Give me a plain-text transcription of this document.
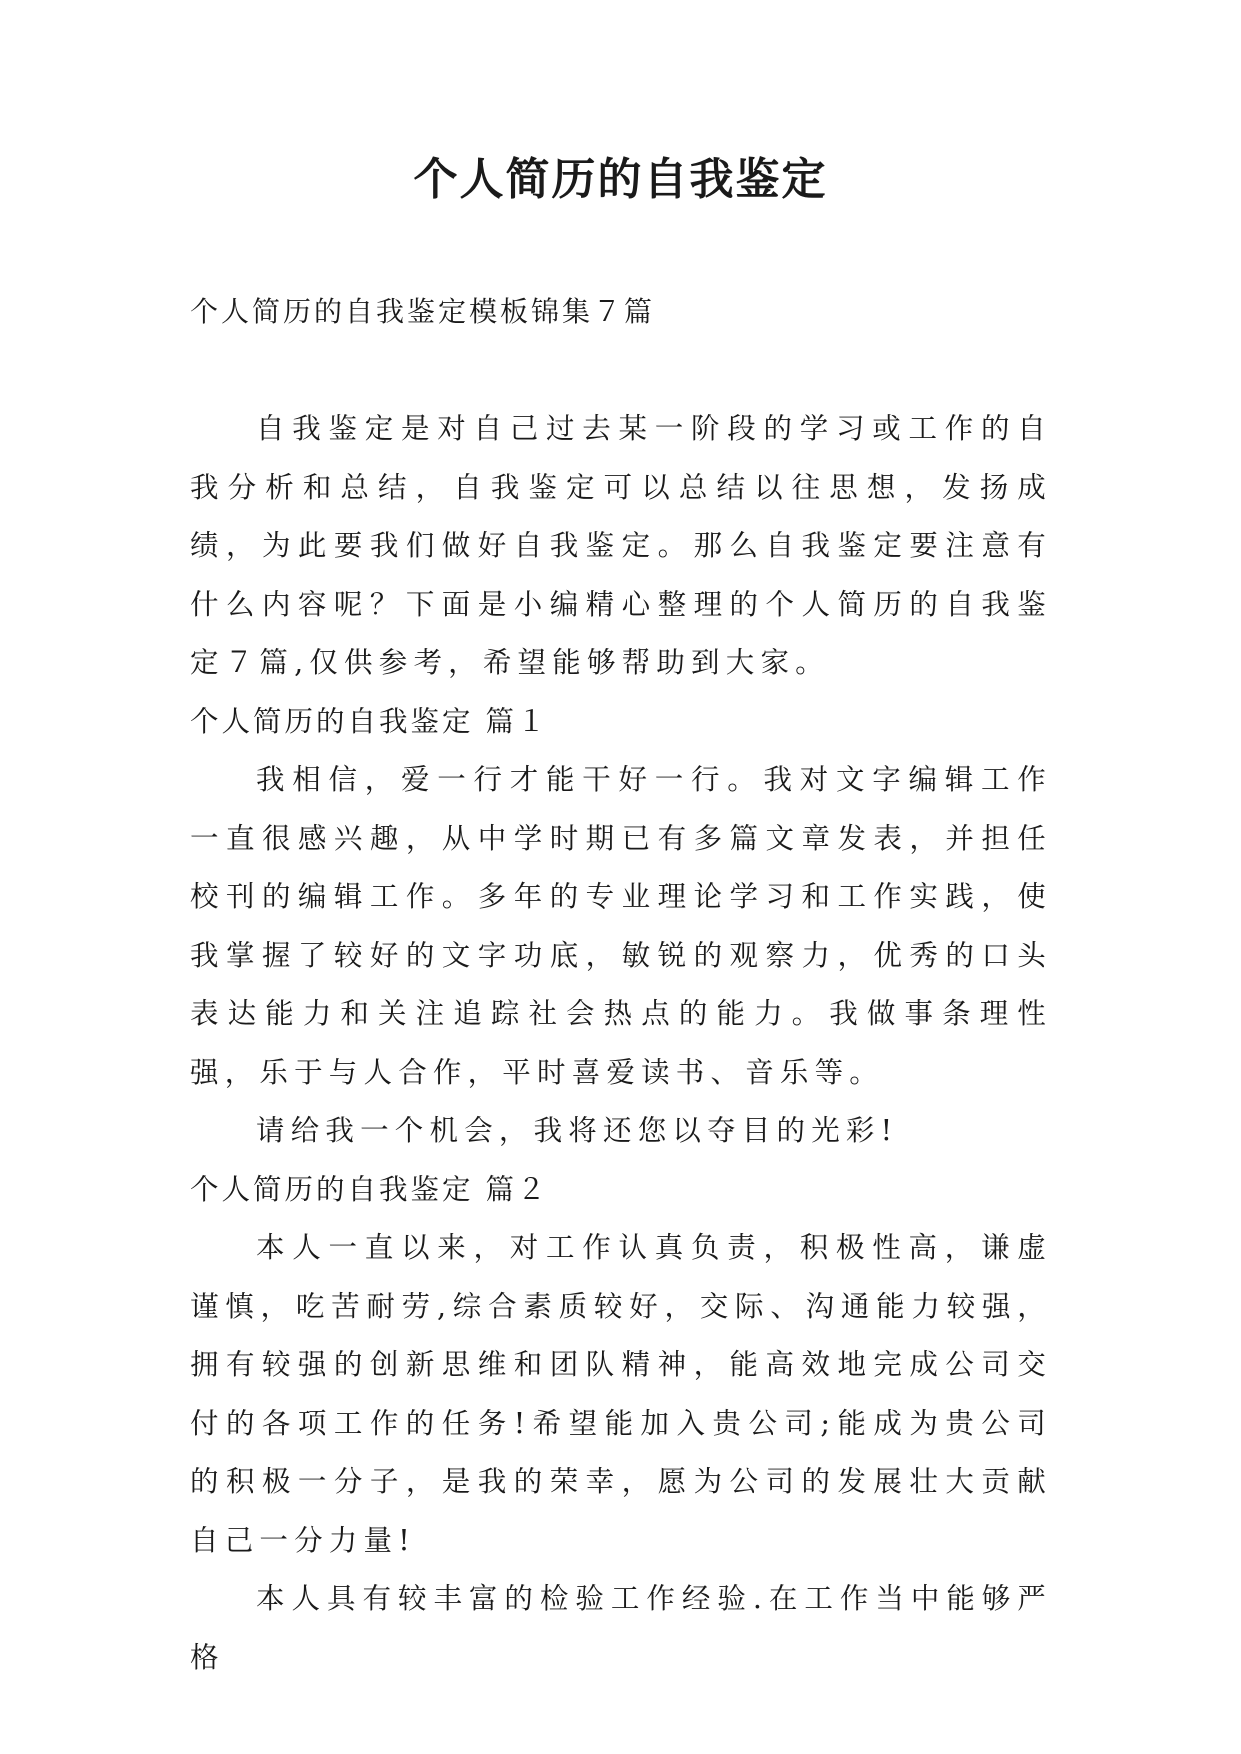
个人简历的自我鉴定
个人简历的自我鉴定模板锦集７篇

自我鉴定是对自己过去某一阶段的学习或工作的自我分析和总结，自我鉴定可以总结以往思想，发扬成绩，为此要我们做好自我鉴定。那么自我鉴定要注意有什么内容呢？下面是小编精心整理的个人简历的自我鉴定７篇,仅供参考，希望能够帮助到大家。

个人简历的自我鉴定 篇１

我相信，爱一行才能干好一行。我对文字编辑工作一直很感兴趣，从中学时期已有多篇文章发表，并担任校刊的编辑工作。多年的专业理论学习和工作实践，使我掌握了较好的文字功底，敏锐的观察力，优秀的口头表达能力和关注追踪社会热点的能力。我做事条理性强，乐于与人合作，平时喜爱读书、音乐等。

请给我一个机会，我将还您以夺目的光彩!

个人简历的自我鉴定 篇２

本人一直以来，对工作认真负责，积极性高，谦虚谨慎，吃苦耐劳,综合素质较好，交际、沟通能力较强，拥有较强的创新思维和团队精神，能高效地完成公司交付的各项工作的任务!希望能加入贵公司;能成为贵公司的积极一分子，是我的荣幸，愿为公司的发展壮大贡献自己一分力量!

本人具有较丰富的检验工作经验.在工作当中能够严格
